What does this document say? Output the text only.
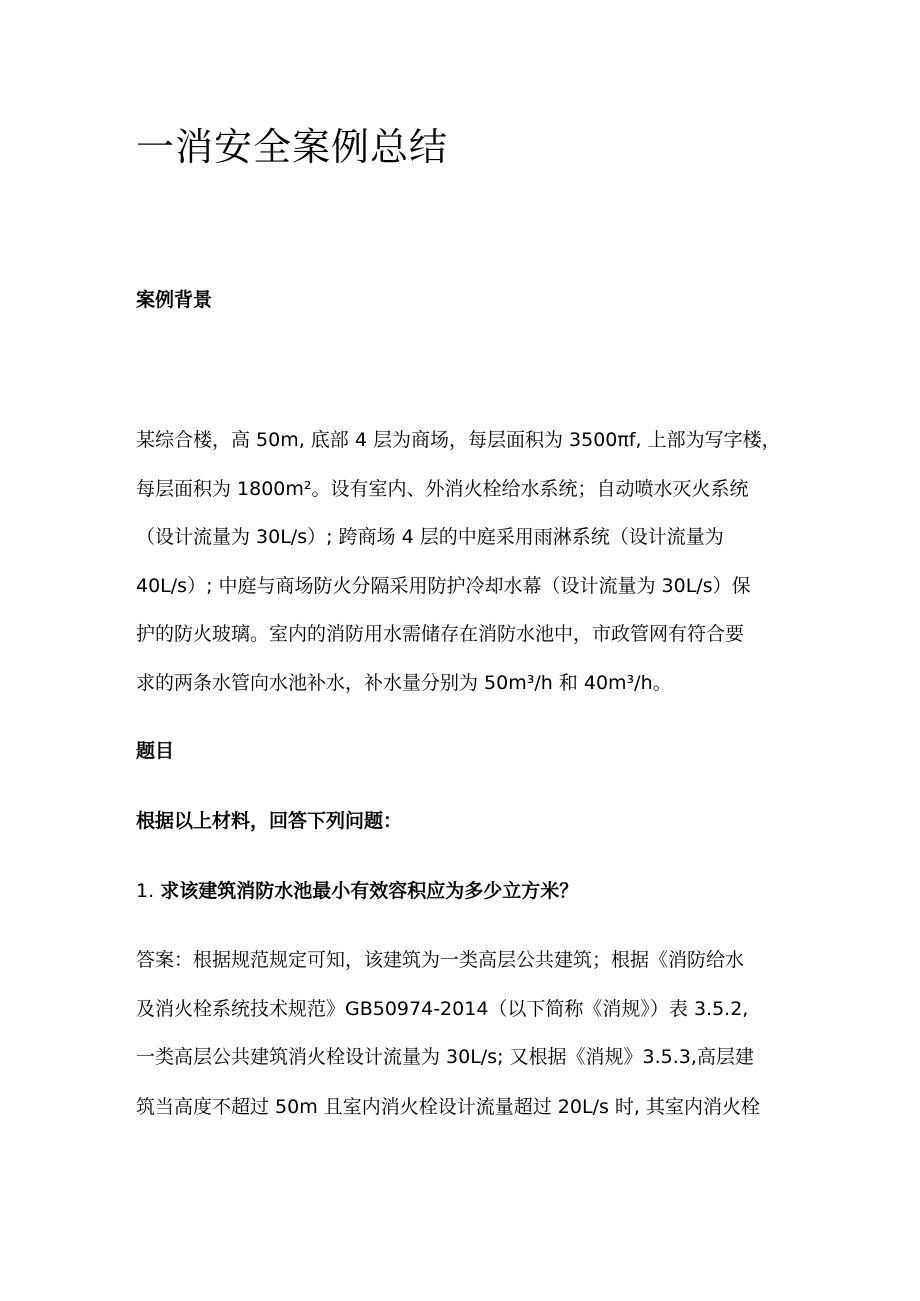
一消安全案例总结
案例背景
某综合楼，高 50m, 底部 4 层为商场，每层面积为 3500πf, 上部为写字楼，
每层面积为 1800m²。设有室内、外消火栓给水系统；自动喷水灭火系统
（设计流量为 30L/s）; 跨商场 4 层的中庭采用雨淋系统（设计流量为
40L/s）; 中庭与商场防火分隔采用防护冷却水幕（设计流量为 30L/s）保
护的防火玻璃。室内的消防用水需储存在消防水池中，市政管网有符合要
求的两条水管向水池补水，补水量分别为 50m³/h 和 40m³/h。
题目
根据以上材料，回答下列问题：
1. 求该建筑消防水池最小有效容积应为多少立方米？
答案：根据规范规定可知，该建筑为一类高层公共建筑；根据《消防给水
及消火栓系统技术规范》GB50974-2014（以下简称《消规》）表 3.5.2,
一类高层公共建筑消火栓设计流量为 30L/s; 又根据《消规》3.5.3,高层建
筑当高度不超过 50m 且室内消火栓设计流量超过 20L/s 时, 其室内消火栓
